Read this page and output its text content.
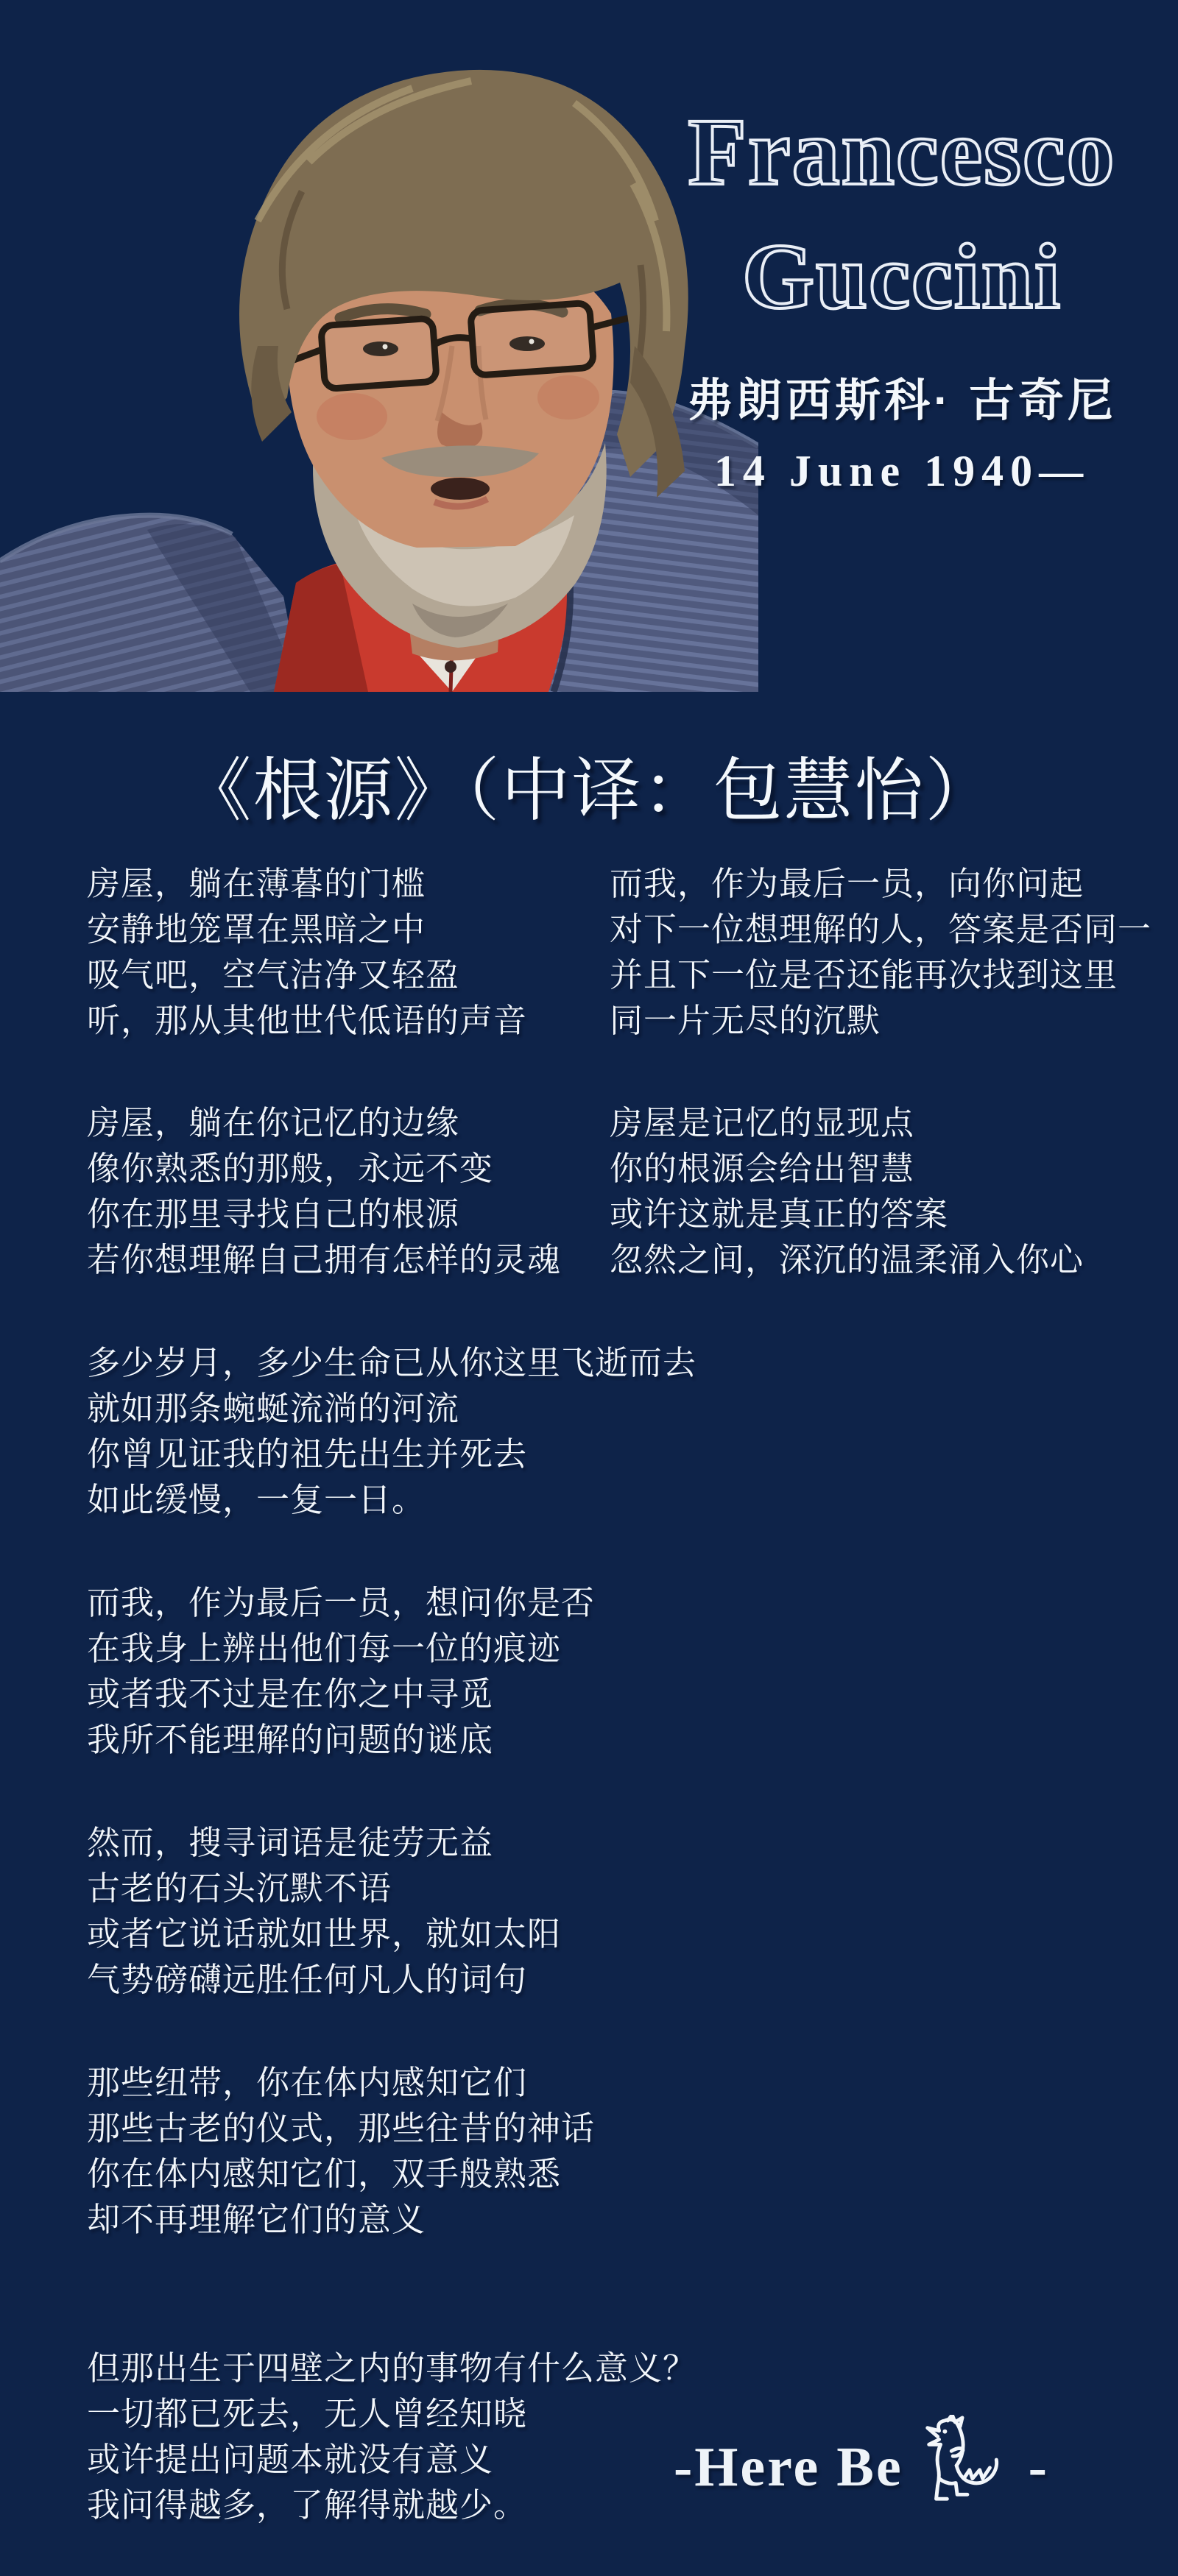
Francesco
Guccini
弗朗西斯科· 古奇尼
14 June 1940—
《根源》（中译：包慧怡）
房屋，躺在薄暮的门槛
安静地笼罩在黑暗之中
吸气吧，空气洁净又轻盈
听，那从其他世代低语的声音
而我，作为最后一员，向你问起
对下一位想理解的人，答案是否同一
并且下一位是否还能再次找到这里
同一片无尽的沉默
房屋，躺在你记忆的边缘
像你熟悉的那般，永远不变
你在那里寻找自己的根源
若你想理解自己拥有怎样的灵魂
房屋是记忆的显现点
你的根源会给出智慧
或许这就是真正的答案
忽然之间，深沉的温柔涌入你心
多少岁月，多少生命已从你这里飞逝而去
就如那条蜿蜒流淌的河流
你曾见证我的祖先出生并死去
如此缓慢，一复一日。
而我，作为最后一员，想问你是否
在我身上辨出他们每一位的痕迹
或者我不过是在你之中寻觅
我所不能理解的问题的谜底
然而，搜寻词语是徒劳无益
古老的石头沉默不语
或者它说话就如世界，就如太阳
气势磅礴远胜任何凡人的词句
那些纽带，你在体内感知它们
那些古老的仪式，那些往昔的神话
你在体内感知它们，双手般熟悉
却不再理解它们的意义
但那出生于四壁之内的事物有什么意义？
一切都已死去，无人曾经知晓
或许提出问题本就没有意义
我问得越多，了解得就越少。
-Here Be -
